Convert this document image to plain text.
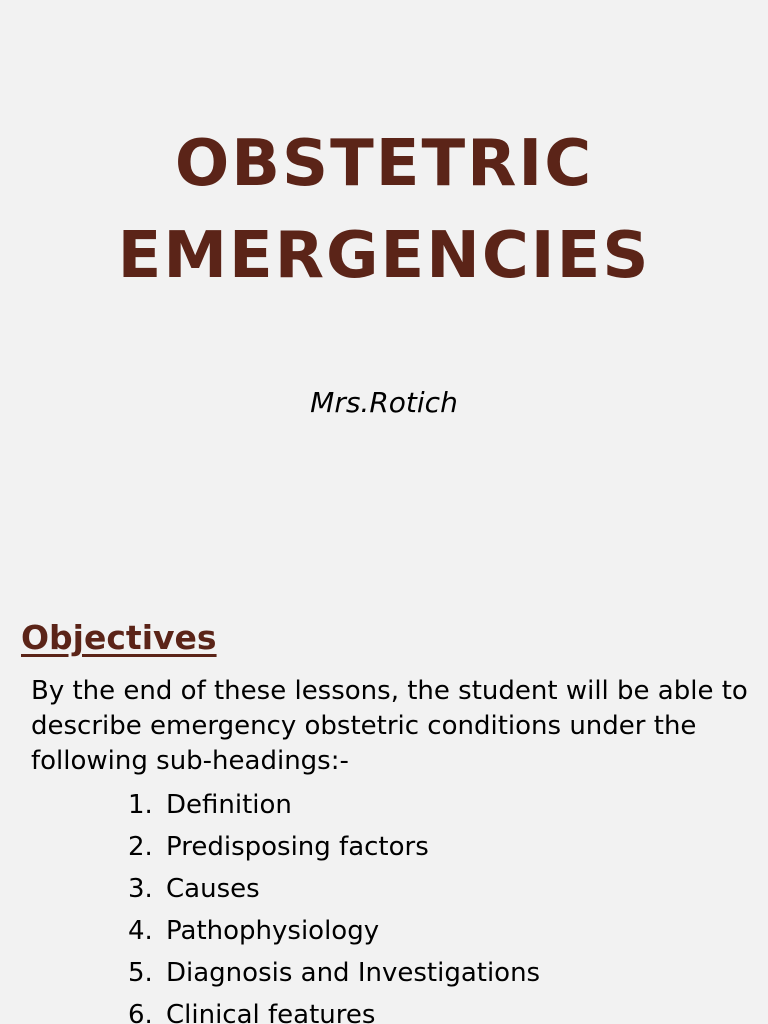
OBSTETRIC
EMERGENCIES
Mrs.Rotich
Objectives
By the end of these lessons, the student will be able to describe emergency obstetric conditions under the following sub-headings:-
1. Definition
2. Predisposing factors
3. Causes
4. Pathophysiology
5. Diagnosis and Investigations
6. Clinical features
